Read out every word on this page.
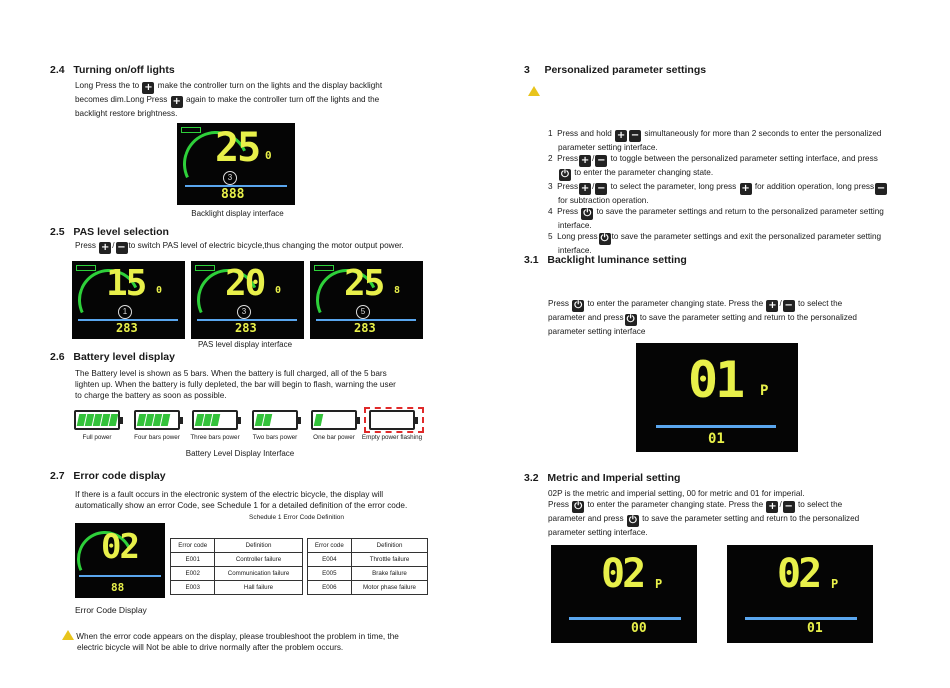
2.4 Turning on/off lights
Long Press the to + make the controller turn on the lights and the display backlight
becomes dim.Long Press + again to make the controller turn off the lights and the
backlight restore brightness.
25 0
3
888
Backlight display interface
2.5 PAS level selection
Press + / − to switch PAS level of electric bicycle,thus changing the motor output power.
15 0
1
283
20 0
3
283
25 8
5
283
PAS level display interface
2.6 Battery level display
The Battery level is shown as 5 bars. When the battery is full charged, all of the 5 bars
lighten up. When the battery is fully depleted, the bar will begin to flash, warning the user
to charge the battery as soon as possible.
Full power	Four bars power	Three bars power	Two bars power	One bar power	Empty power flashing
Battery Level Display Interface
2.7 Error code display
If there is a fault occurs in the electronic system of the electric bicycle, the display will
automatically show an error Code, see Schedule 1 for a detailed definition of the error code.
Schedule 1 Error Code Definition
02
88
Error code	Definition		Error code	Definition
E001	Controller failure		E004	Throttle failure
E002	Communication failure		E005	Brake failure
E003	Hall failure		E006	Motor phase failure
Error Code Display
When the error code appears on the display, please troubleshoot the problem in time, the
electric bicycle will Not be able to drive normally after the problem occurs.
3 Personalized parameter settings
1 Press and hold + − simultaneously for more than 2 seconds to enter the personalized
parameter setting interface.
2 Press + / − to toggle between the personalized parameter setting interface, and press
⏻ to enter the parameter changing state.
3 Press + / − to select the parameter, long press + for addition operation, long press −
for subtraction operation.
4 Press ⏻ to save the parameter settings and return to the personalized parameter setting
interface.
5 Long press ⏻ to save the parameter settings and exit the personalized parameter setting
interface.
3.1 Backlight luminance setting
Press ⏻ to enter the parameter changing state. Press the + / − to select the
parameter and press ⏻ to save the parameter setting and return to the personalized
parameter setting interface
01 P
01
3.2 Metric and Imperial setting
02P is the metric and imperial setting, 00 for metric and 01 for imperial.
Press ⏻ to enter the parameter changing state. Press the + / − to select the
parameter and press ⏻ to save the parameter setting and return to the personalized
parameter setting interface.
02 P
00
02 P
01
